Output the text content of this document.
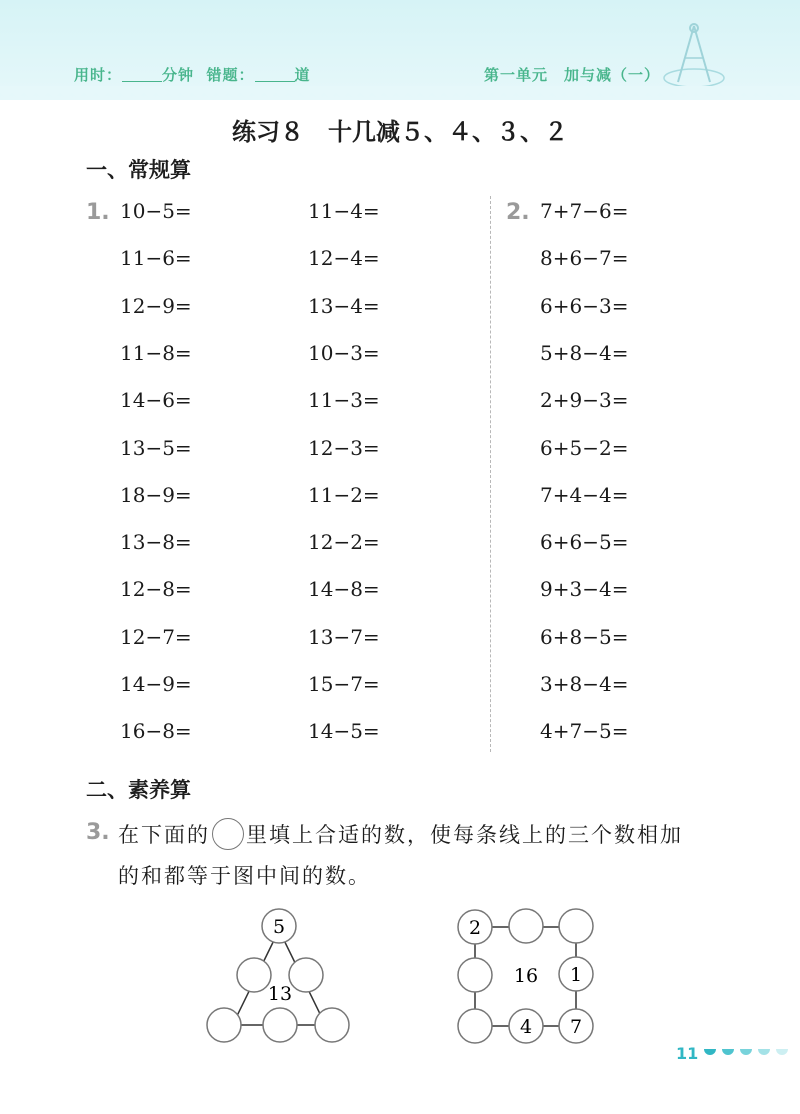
用时：	分钟 错题：	道	第一单元　加与减（一）
练习８　十几减５、４、３、２
一、常规算
1. 10−5=
11−6=
12−9=
11−8=
14−6=
13−5=
18−9=
13−8=
12−8=
12−7=
14−9=
16−8=
11−4=
12−4=
13−4=
10−3=
11−3=
12−3=
11−2=
12−2=
14−8=
13−7=
15−7=
14−5=
2. 7+7−6=
8+6−7=
6+6−3=
5+8−4=
2+9−3=
6+5−2=
7+4−4=
6+6−5=
9+3−4=
6+8−5=
3+8−4=
4+7−5=
二、素养算
3. 在下面的 里填上合适的数，使每条线上的三个数相加
的和都等于图中间的数。
5
13
2
1
4 7
16
11
